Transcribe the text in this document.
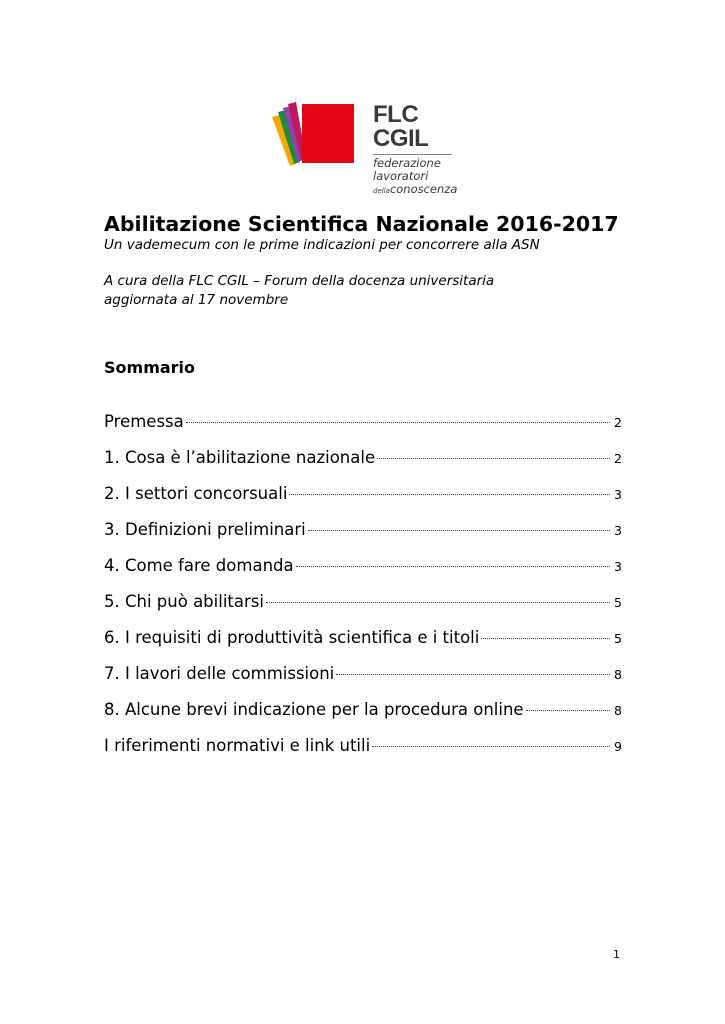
FLC CGIL
federazione
lavoratori
dellaconoscenza
Abilitazione Scientifica Nazionale 2016-2017
Un vademecum con le prime indicazioni per concorrere alla ASN
A cura della FLC CGIL – Forum della docenza universitaria
aggiornata al 17 novembre
Sommario
Premessa	2
1. Cosa è l’abilitazione nazionale	2
2. I settori concorsuali	3
3. Definizioni preliminari	3
4. Come fare domanda	3
5. Chi può abilitarsi	5
6. I requisiti di produttività scientifica e i titoli	5
7. I lavori delle commissioni	8
8. Alcune brevi indicazione per la procedura online	8
I riferimenti normativi e link utili	9
1
